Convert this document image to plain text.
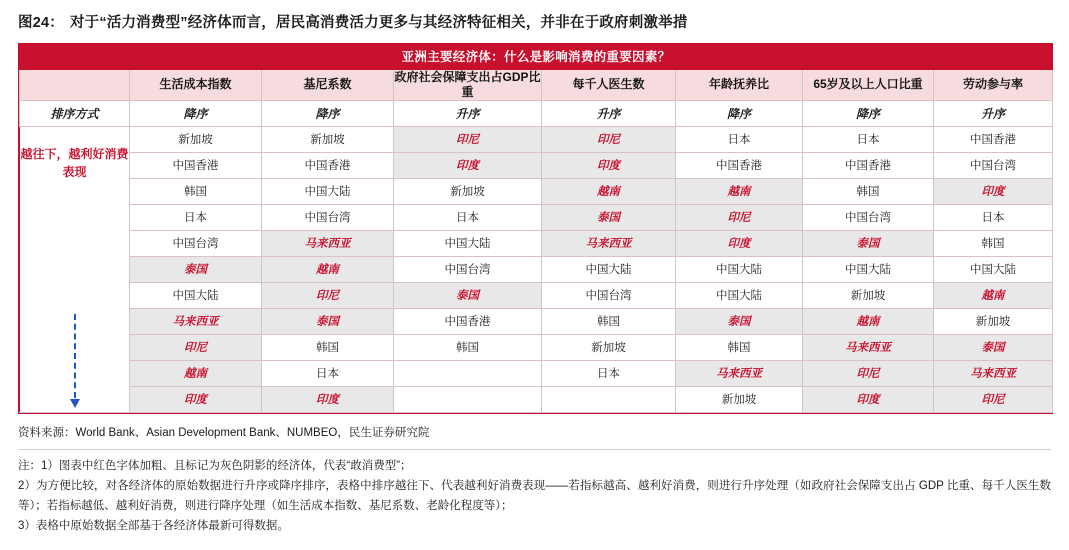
图24： 对于“活力消费型”经济体而言，居民高消费活力更多与其经济特征相关，并非在于政府刺激举措
亚洲主要经济体：什么是影响消费的重要因素？							
	生活成本指数	基尼系数	政府社会保障支出占GDP比重	每千人医生数	年龄抚养比	65岁及以上人口比重	劳动参与率
排序方式	降序	降序	升序	升序	降序	降序	升序

越往下，越利好消费表现	新加坡	新加坡	印尼	印尼	日本	日本	中国香港
	中国香港	中国香港	印度	印度	中国香港	中国香港	中国台湾
	韩国	中国大陆	新加坡	越南	越南	韩国	印度
	日本	中国台湾	日本	泰国	印尼	中国台湾	日本
	中国台湾	马来西亚	中国大陆	马来西亚	印度	泰国	韩国
	泰国	越南	中国台湾	中国大陆	中国大陆	中国大陆	中国大陆
	中国大陆	印尼	泰国	中国台湾	中国大陆	新加坡	越南
	马来西亚	泰国	中国香港	韩国	泰国	越南	新加坡
	印尼	韩国	韩国	新加坡	韩国	马来西亚	泰国
	越南	日本		日本	马来西亚	印尼	马来西亚
	印度	印度			新加坡	印度	印尼
资料来源：World Bank、Asian Development Bank、NUMBEO，民生证券研究院
注：1）图表中红色字体加粗、且标记为灰色阴影的经济体，代表“敢消费型”；
2）为方便比较，对各经济体的原始数据进行升序或降序排序，表格中排序越往下、代表越利好消费表现——若指标越高、越利好消费，则进行升序处理（如政府社会保障支出占 GDP 比重、每千人医生数等）；若指标越低、越利好消费，则进行降序处理（如生活成本指数、基尼系数、老龄化程度等）；
3）表格中原始数据全部基于各经济体最新可得数据。
